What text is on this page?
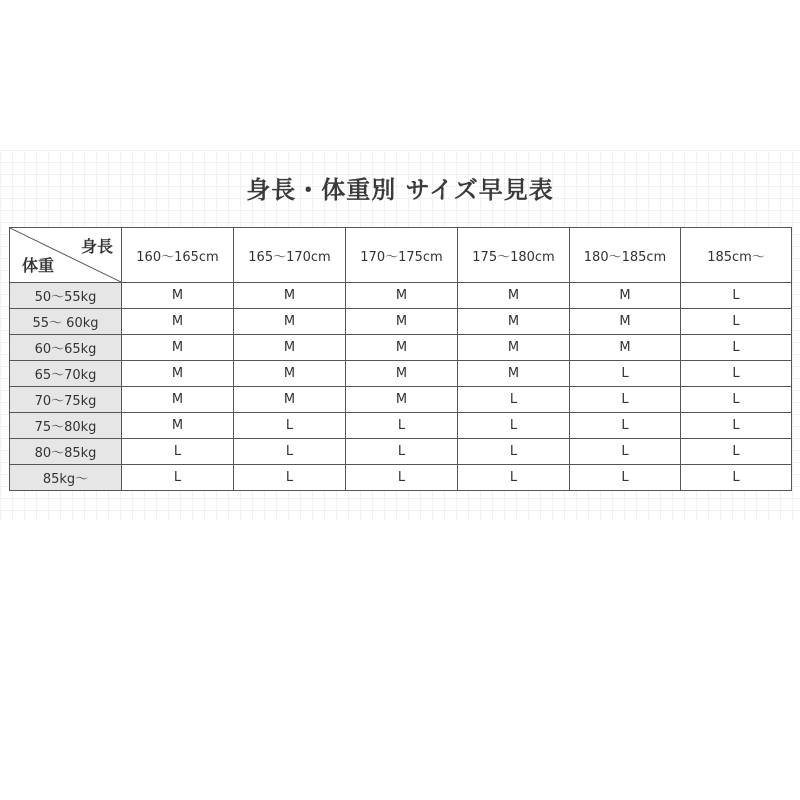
身長・体重別 サイズ早見表
身長
体重	160～165cm	165～170cm	170～175cm	175～180cm	180～185cm	185cm～
50～55kg	M	M	M	M	M	L
55～ 60kg	M	M	M	M	M	L
60～65kg	M	M	M	M	M	L
65～70kg	M	M	M	M	L	L
70～75kg	M	M	M	L	L	L
75～80kg	M	L	L	L	L	L
80～85kg	L	L	L	L	L	L
85kg～	L	L	L	L	L	L
